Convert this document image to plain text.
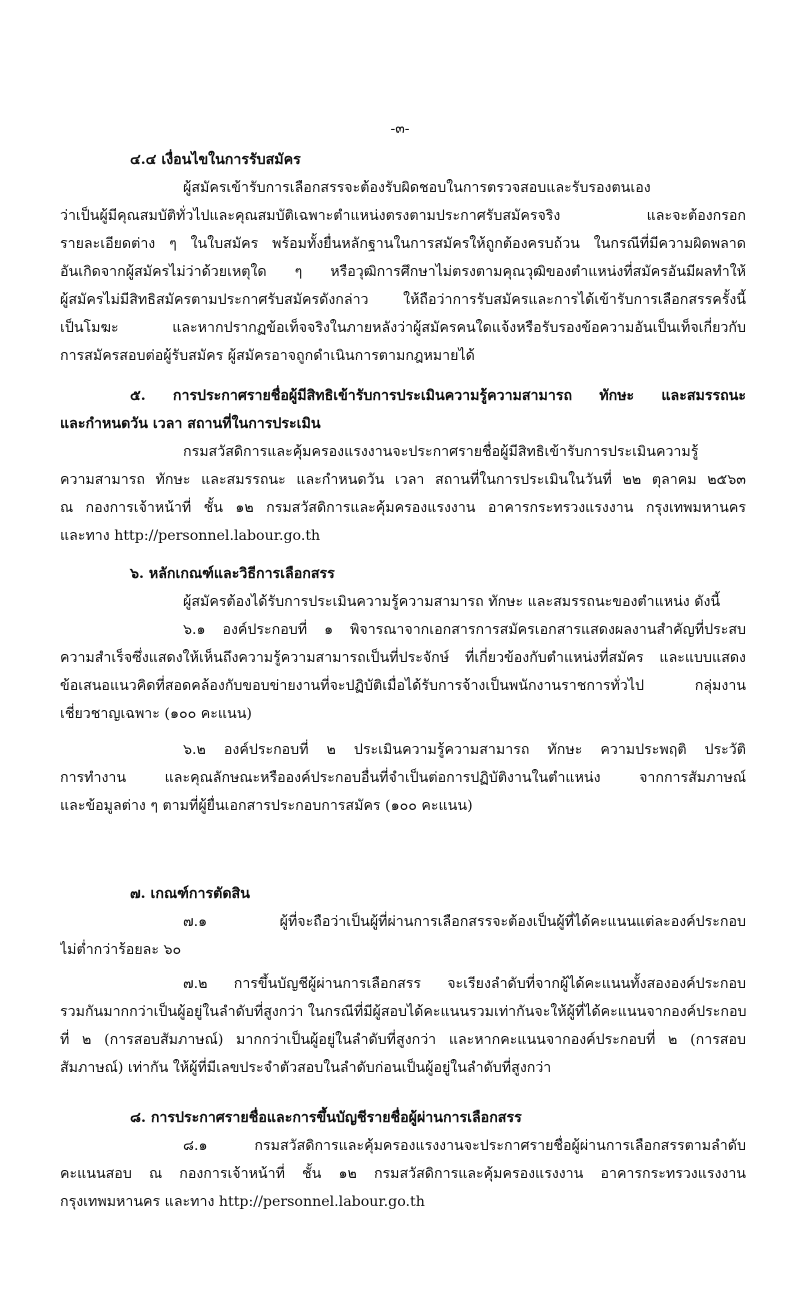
-๓-
๔.๔ เงื่อนไขในการรับสมัคร
ผู้สมัครเข้ารับการเลือกสรรจะต้องรับผิดชอบในการตรวจสอบและรับรองตนเอง
ว่าเป็นผู้มีคุณสมบัติทั่วไปและคุณสมบัติเฉพาะตำแหน่งตรงตามประกาศรับสมัครจริง และจะต้องกรอก
รายละเอียดต่าง ๆ ในใบสมัคร พร้อมทั้งยื่นหลักฐานในการสมัครให้ถูกต้องครบถ้วน ในกรณีที่มีความผิดพลาด
อันเกิดจากผู้สมัครไม่ว่าด้วยเหตุใด ๆ หรือวุฒิการศึกษาไม่ตรงตามคุณวุฒิของตำแหน่งที่สมัครอันมีผลทำให้
ผู้สมัครไม่มีสิทธิสมัครตามประกาศรับสมัครดังกล่าว ให้ถือว่าการรับสมัครและการได้เข้ารับการเลือกสรรครั้งนี้
เป็นโมฆะ และหากปรากฏข้อเท็จจริงในภายหลังว่าผู้สมัครคนใดแจ้งหรือรับรองข้อความอันเป็นเท็จเกี่ยวกับ
การสมัครสอบต่อผู้รับสมัคร ผู้สมัครอาจถูกดำเนินการตามกฎหมายได้
๕. การประกาศรายชื่อผู้มีสิทธิเข้ารับการประเมินความรู้ความสามารถ ทักษะ และสมรรถนะ
และกำหนดวัน เวลา สถานที่ในการประเมิน
กรมสวัสดิการและคุ้มครองแรงงานจะประกาศรายชื่อผู้มีสิทธิเข้ารับการประเมินความรู้
ความสามารถ ทักษะ และสมรรถนะ และกำหนดวัน เวลา สถานที่ในการประเมินในวันที่ ๒๒ ตุลาคม ๒๕๖๓
ณ กองการเจ้าหน้าที่ ชั้น ๑๒ กรมสวัสดิการและคุ้มครองแรงงาน อาคารกระทรวงแรงงาน กรุงเทพมหานคร
และทาง http://personnel.labour.go.th
๖. หลักเกณฑ์และวิธีการเลือกสรร
ผู้สมัครต้องได้รับการประเมินความรู้ความสามารถ ทักษะ และสมรรถนะของตำแหน่ง ดังนี้
๖.๑ องค์ประกอบที่ ๑ พิจารณาจากเอกสารการสมัครเอกสารแสดงผลงานสำคัญที่ประสบ
ความสำเร็จซึ่งแสดงให้เห็นถึงความรู้ความสามารถเป็นที่ประจักษ์ ที่เกี่ยวข้องกับตำแหน่งที่สมัคร และแบบแสดง
ข้อเสนอแนวคิดที่สอดคล้องกับขอบข่ายงานที่จะปฏิบัติเมื่อได้รับการจ้างเป็นพนักงานราชการทั่วไป กลุ่มงาน
เชี่ยวชาญเฉพาะ (๑๐๐ คะแนน)
๖.๒ องค์ประกอบที่ ๒ ประเมินความรู้ความสามารถ ทักษะ ความประพฤติ ประวัติ
การทำงาน และคุณลักษณะหรือองค์ประกอบอื่นที่จำเป็นต่อการปฏิบัติงานในตำแหน่ง จากการสัมภาษณ์
และข้อมูลต่าง ๆ ตามที่ผู้ยื่นเอกสารประกอบการสมัคร (๑๐๐ คะแนน)
๗. เกณฑ์การตัดสิน
๗.๑ ผู้ที่จะถือว่าเป็นผู้ที่ผ่านการเลือกสรรจะต้องเป็นผู้ที่ได้คะแนนแต่ละองค์ประกอบ
ไม่ต่ำกว่าร้อยละ ๖๐
๗.๒ การขึ้นบัญชีผู้ผ่านการเลือกสรร จะเรียงลำดับที่จากผู้ได้คะแนนทั้งสององค์ประกอบ
รวมกันมากกว่าเป็นผู้อยู่ในลำดับที่สูงกว่า ในกรณีที่มีผู้สอบได้คะแนนรวมเท่ากันจะให้ผู้ที่ได้คะแนนจากองค์ประกอบ
ที่ ๒ (การสอบสัมภาษณ์) มากกว่าเป็นผู้อยู่ในลำดับที่สูงกว่า และหากคะแนนจากองค์ประกอบที่ ๒ (การสอบ
สัมภาษณ์) เท่ากัน ให้ผู้ที่มีเลขประจำตัวสอบในลำดับก่อนเป็นผู้อยู่ในลำดับที่สูงกว่า
๘. การประกาศรายชื่อและการขึ้นบัญชีรายชื่อผู้ผ่านการเลือกสรร
๘.๑ กรมสวัสดิการและคุ้มครองแรงงานจะประกาศรายชื่อผู้ผ่านการเลือกสรรตามลำดับ
คะแนนสอบ ณ กองการเจ้าหน้าที่ ชั้น ๑๒ กรมสวัสดิการและคุ้มครองแรงงาน อาคารกระทรวงแรงงาน
กรุงเทพมหานคร และทาง http://personnel.labour.go.th
